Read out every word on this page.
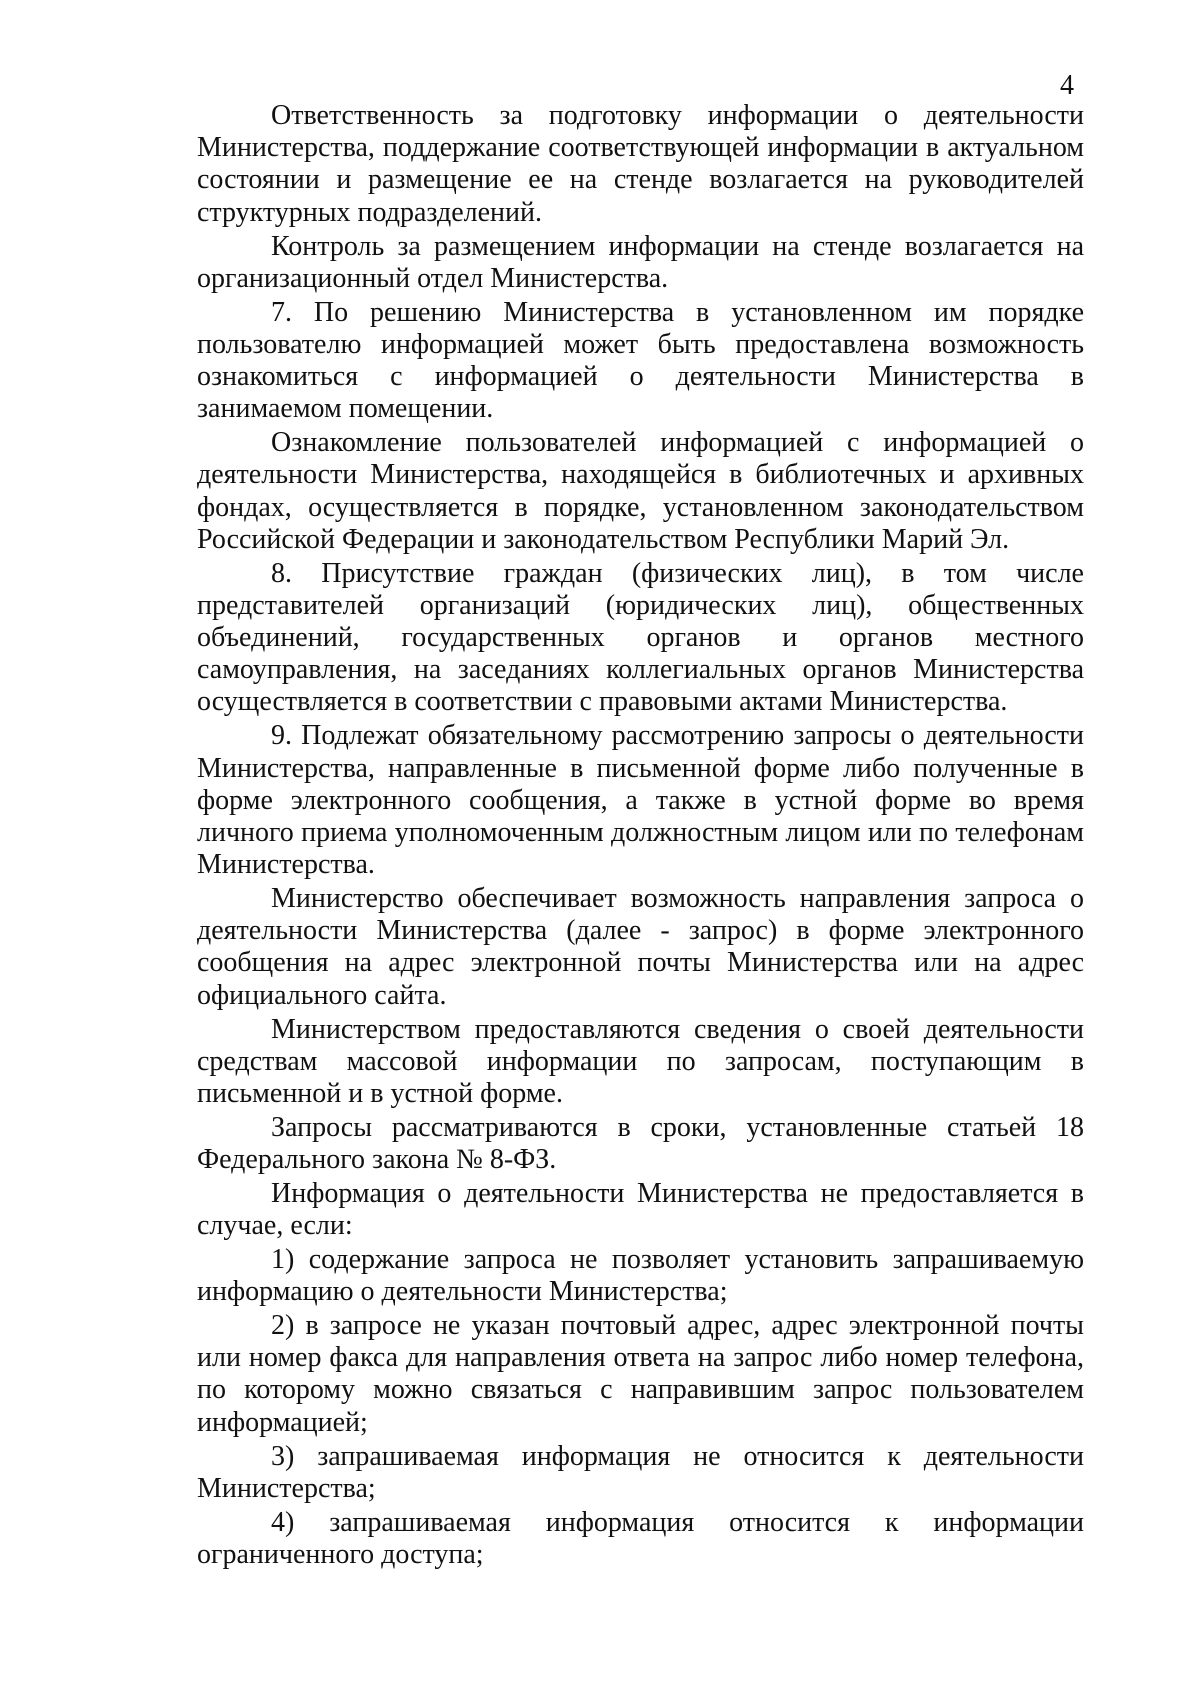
4

Ответственность за подготовку информации о деятельности Министерства, поддержание соответствующей информации в актуальном состоянии и размещение ее на стенде возлагается на руководителей структурных подразделений.

Контроль за размещением информации на стенде возлагается на организационный отдел Министерства.

7. По решению Министерства в установленном им порядке пользователю информацией может быть предоставлена возможность ознакомиться с информацией о деятельности Министерства в занимаемом помещении.

Ознакомление пользователей информацией с информацией о деятельности Министерства, находящейся в библиотечных и архивных фондах, осуществляется в порядке, установленном законодательством Российской Федерации и законодательством Республики Марий Эл.

8. Присутствие граждан (физических лиц), в том числе представителей организаций (юридических лиц), общественных объединений, государственных органов и органов местного самоуправления, на заседаниях коллегиальных органов Министерства осуществляется в соответствии с правовыми актами Министерства.

9. Подлежат обязательному рассмотрению запросы о деятельности Министерства, направленные в письменной форме либо полученные в форме электронного сообщения, а также в устной форме во время личного приема уполномоченным должностным лицом или по телефонам Министерства.

Министерство обеспечивает возможность направления запроса о деятельности Министерства (далее - запрос) в форме электронного сообщения на адрес электронной почты Министерства или на адрес официального сайта.

Министерством предоставляются сведения о своей деятельности средствам массовой информации по запросам, поступающим в письменной и в устной форме.

Запросы рассматриваются в сроки, установленные статьей 18 Федерального закона № 8-ФЗ.

Информация о деятельности Министерства не предоставляется в случае, если:

1) содержание запроса не позволяет установить запрашиваемую информацию о деятельности Министерства;

2) в запросе не указан почтовый адрес, адрес электронной почты или номер факса для направления ответа на запрос либо номер телефона, по которому можно связаться с направившим запрос пользователем информацией;

3) запрашиваемая информация не относится к деятельности Министерства;

4) запрашиваемая информация относится к информации ограниченного доступа;
